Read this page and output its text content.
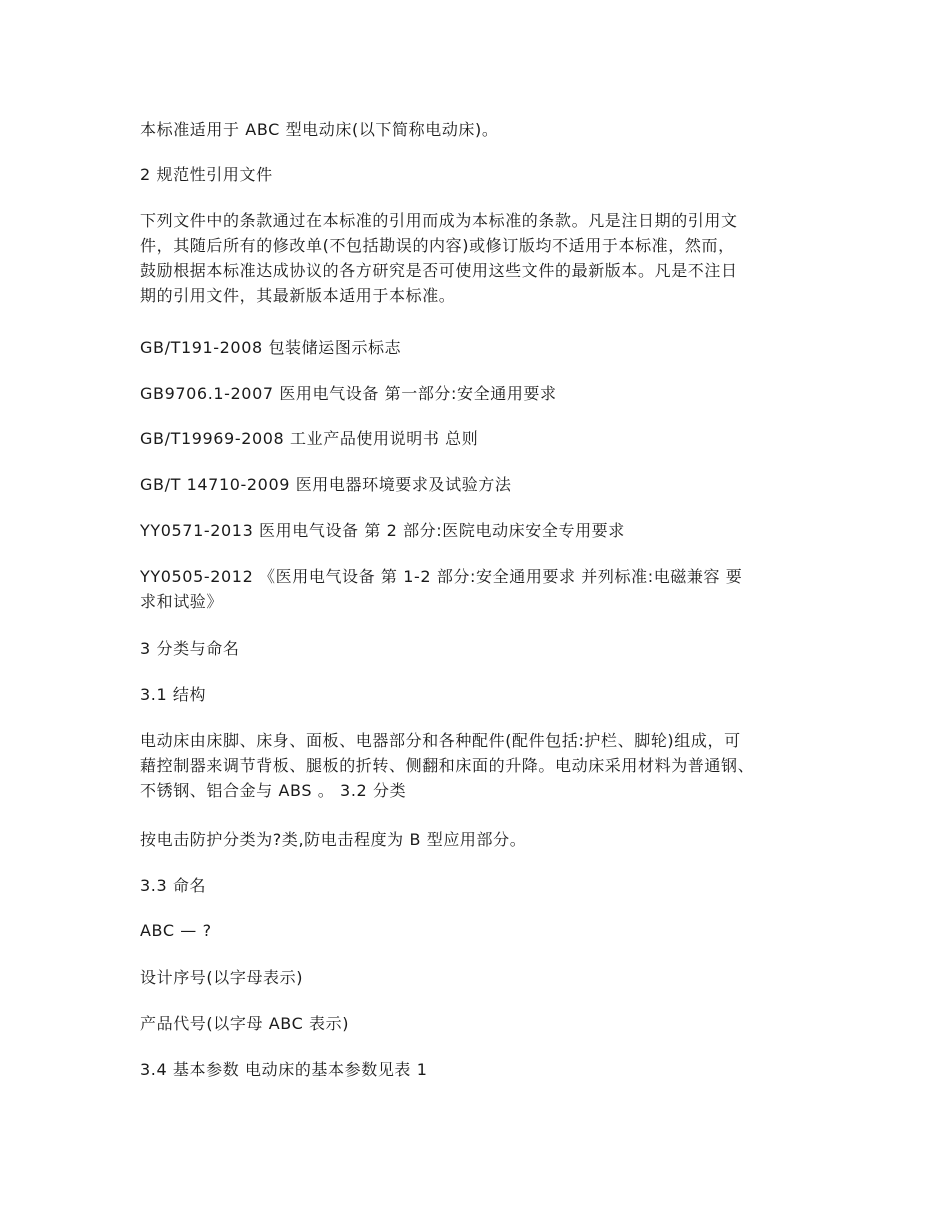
本标准适用于 ABC 型电动床(以下简称电动床)。

2 规范性引用文件

下列文件中的条款通过在本标准的引用而成为本标准的条款。凡是注日期的引用文
件，其随后所有的修改单(不包括勘误的内容)或修订版均不适用于本标准，然而，
鼓励根据本标准达成协议的各方研究是否可使用这些文件的最新版本。凡是不注日
期的引用文件，其最新版本适用于本标准。

GB/T191-2008 包装储运图示标志

GB9706.1-2007 医用电气设备 第一部分:安全通用要求

GB/T19969-2008 工业产品使用说明书 总则

GB/T 14710-2009 医用电器环境要求及试验方法

YY0571-2013 医用电气设备 第 2 部分:医院电动床安全专用要求

YY0505-2012 《医用电气设备 第 1-2 部分:安全通用要求 并列标准:电磁兼容 要
求和试验》

3 分类与命名

3.1 结构

电动床由床脚、床身、面板、电器部分和各种配件(配件包括:护栏、脚轮)组成，可
藉控制器来调节背板、腿板的折转、侧翻和床面的升降。电动床采用材料为普通钢、
不锈钢、铝合金与 ABS 。 3.2 分类

按电击防护分类为?类,防电击程度为 B 型应用部分。

3.3 命名

ABC — ?

设计序号(以字母表示)

产品代号(以字母 ABC 表示)

3.4 基本参数 电动床的基本参数见表 1
